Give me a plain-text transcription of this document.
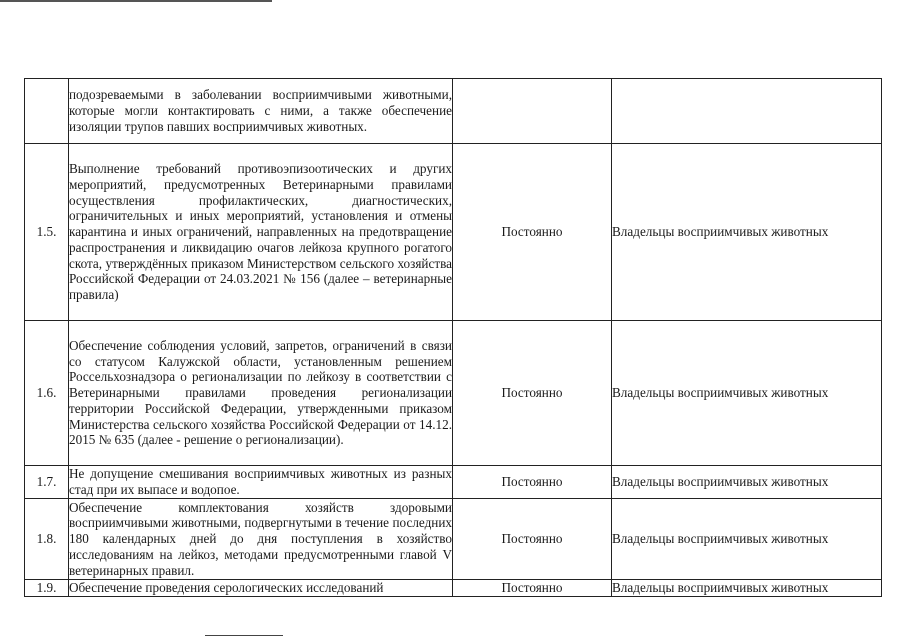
	подозреваемыми в заболевании восприимчивыми животными, которые могли контактировать с ними, а также обеспечение изоляции трупов павших восприимчивых животных.		
1.5.	Выполнение требований противоэпизоотических и других мероприятий, предусмотренных Ветеринарными правилами осуществления профилактических, диагностических, ограничительных и иных мероприятий, установления и отмены карантина и иных ограничений, направленных на предотвращение распространения и ликвидацию очагов лейкоза крупного рогатого скота, утверждённых приказом Министерством сельского хозяйства Российской Федерации от 24.03.2021 № 156 (далее – ветеринарные правила)	Постоянно	Владельцы восприимчивых животных
1.6.	Обеспечение соблюдения условий, запретов, ограничений в связи со статусом Калужской области, установленным решением Россельхознадзора о регионализации по лейкозу в соответствии с Ветеринарными правилами проведения регионализации территории Российской Федерации, утвержденными приказом Министерства сельского хозяйства Российской Федерации от 14.12. 2015 № 635 (далее - решение о регионализации).	Постоянно	Владельцы восприимчивых животных
1.7.	Не допущение смешивания восприимчивых животных из разных стад при их выпасе и водопое.	Постоянно	Владельцы восприимчивых животных
1.8.	Обеспечение комплектования хозяйств здоровыми восприимчивыми животными, подвергнутыми в течение последних 180 календарных дней до дня поступления в хозяйство исследованиям на лейкоз, методами предусмотренными главой V ветеринарных правил.	Постоянно	Владельцы восприимчивых животных
1.9.	Обеспечение проведения серологических исследований	Постоянно	Владельцы восприимчивых животных
